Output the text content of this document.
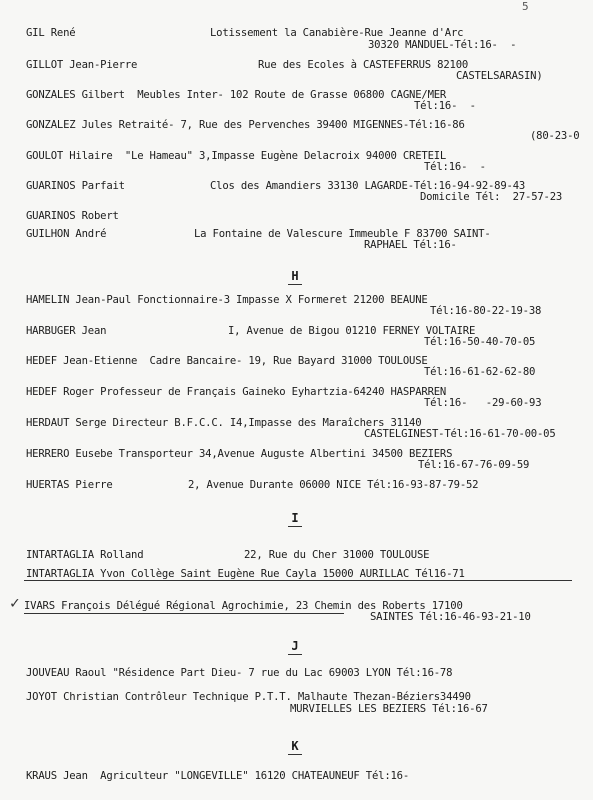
5
✓
GIL René	Lotissement la Canabière-Rue Jeanne d'Arc
30320 MANDUEL-Tél:16-  -
GILLOT Jean-Pierre	Rue des Ecoles à CASTEFERRUS 82100
CASTELSARASIN)
GONZALES Gilbert  Meubles Inter- 102 Route de Grasse 06800 CAGNE/MER
Tél:16-  -
GONZALEZ Jules Retraité- 7, Rue des Pervenches 39400 MIGENNES-Tél:16-86
(80-23-0
GOULOT Hilaire  "Le Hameau" 3,Impasse Eugène Delacroix 94000 CRETEIL
Tél:16-  -
GUARINOS Parfait	Clos des Amandiers 33130 LAGARDE-Tél:16-94-92-89-43
Domicile Tél:  27-57-23
GUARINOS Robert
GUILHON André	La Fontaine de Valescure Immeuble F 83700 SAINT-
RAPHAEL Tél:16-
HAMELIN Jean-Paul Fonctionnaire-3 Impasse X Formeret 21200 BEAUNE
Tél:16-80-22-19-38
HARBUGER Jean	I, Avenue de Bigou 01210 FERNEY VOLTAIRE
Tél:16-50-40-70-05
HEDEF Jean-Etienne  Cadre Bancaire- 19, Rue Bayard 31000 TOULOUSE
Tél:16-61-62-62-80
HEDEF Roger Professeur de Français Gaineko Eyhartzia-64240 HASPARREN
Tél:16-   -29-60-93
HERDAUT Serge Directeur B.F.C.C. I4,Impasse des Maraîchers 31140
CASTELGINEST-Tél:16-61-70-00-05
HERRERO Eusebe Transporteur 34,Avenue Auguste Albertini 34500 BEZIERS
Tél:16-67-76-09-59
HUERTAS Pierre	2, Avenue Durante 06000 NICE Tél:16-93-87-79-52
INTARTAGLIA Rolland	22, Rue du Cher 31000 TOULOUSE
INTARTAGLIA Yvon Collège Saint Eugène Rue Cayla 15000 AURILLAC Tél16-71
IVARS François Délégué Régional Agrochimie, 23 Chemin des Roberts 17100
SAINTES Tél:16-46-93-21-10
JOUVEAU Raoul "Résidence Part Dieu- 7 rue du Lac 69003 LYON Tél:16-78
JOYOT Christian Contrôleur Technique P.T.T. Malhaute Thezan-Béziers34490
MURVIELLES LES BEZIERS Tél:16-67
KRAUS Jean  Agriculteur "LONGEVILLE" 16120 CHATEAUNEUF Tél:16-
H
I
J
K
